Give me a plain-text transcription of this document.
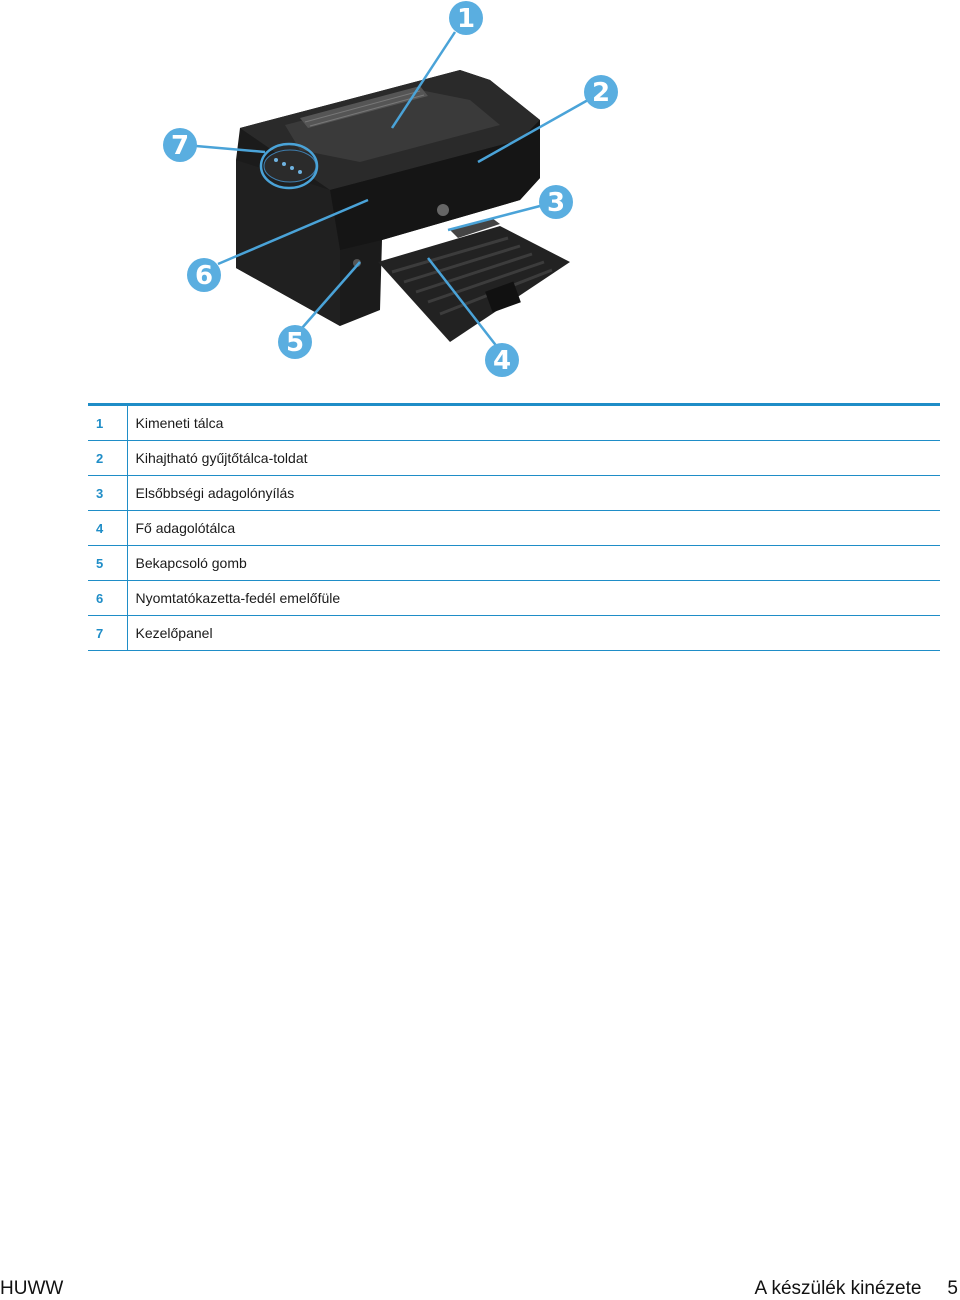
1
2
3
4
5
6
7
1	Kimeneti tálca
2	Kihajtható gyűjtőtálca-toldat
3	Elsőbbségi adagolónyílás
4	Fő adagolótálca
5	Bekapcsoló gomb
6	Nyomtatókazetta-fedél emelőfüle
7	Kezelőpanel
HUWW	A készülék kinézete 5
